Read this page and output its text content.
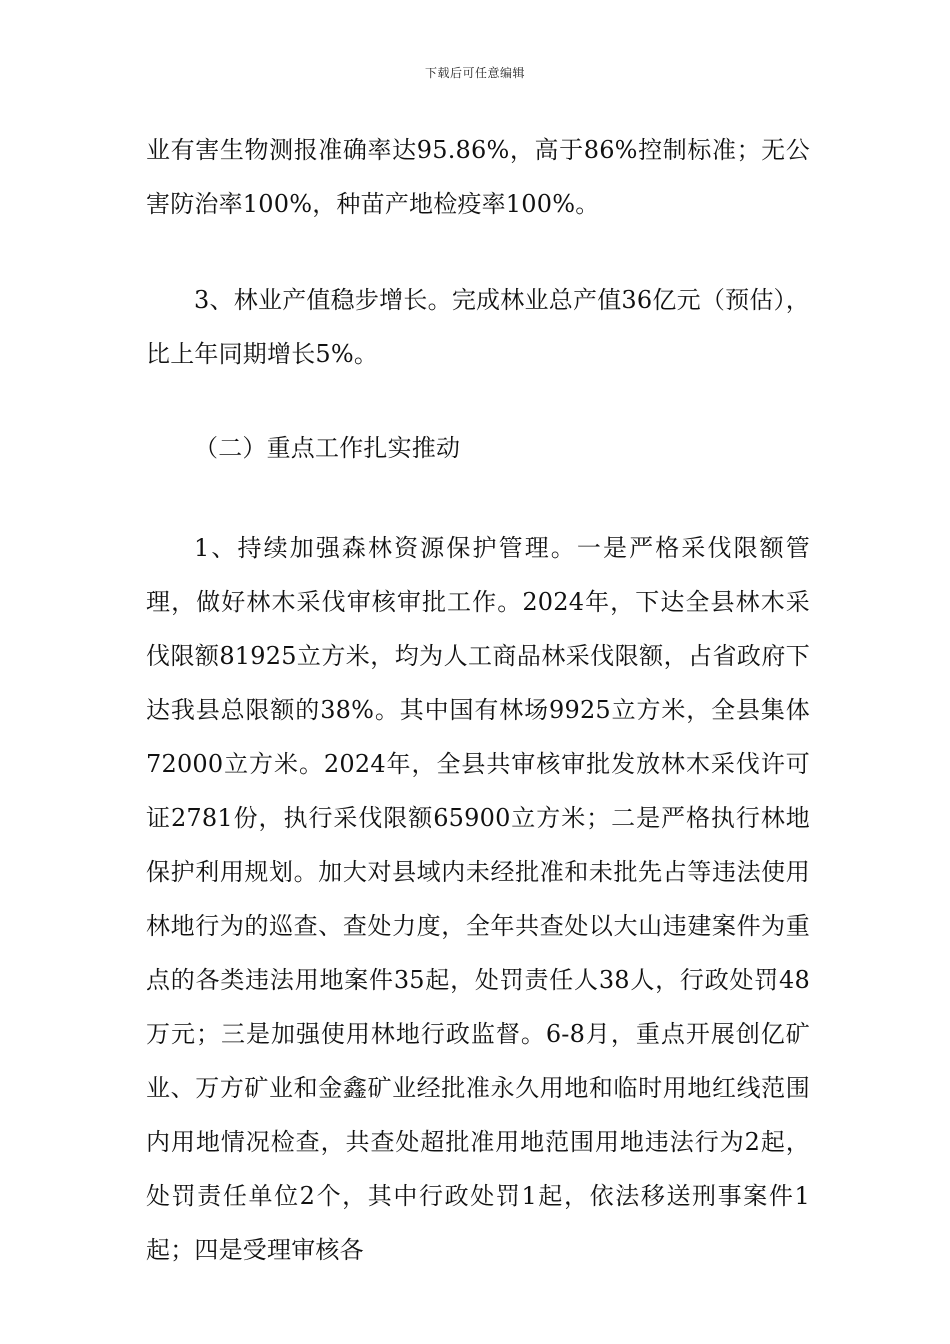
下载后可任意编辑

业有害生物测报准确率达95.86%，高于86%控制标准；无公害防治率100%，种苗产地检疫率100%。

3、林业产值稳步增长。完成林业总产值36亿元（预估），比上年同期增长5%。

（二）重点工作扎实推动

1、持续加强森林资源保护管理。一是严格采伐限额管理，做好林木采伐审核审批工作。2024年，下达全县林木采伐限额81925立方米，均为人工商品林采伐限额，占省政府下达我县总限额的38%。其中国有林场9925立方米，全县集体72000立方米。2024年，全县共审核审批发放林木采伐许可证2781份，执行采伐限额65900立方米；二是严格执行林地保护利用规划。加大对县域内未经批准和未批先占等违法使用林地行为的巡查、查处力度，全年共查处以大山违建案件为重点的各类违法用地案件35起，处罚责任人38人，行政处罚48万元；三是加强使用林地行政监督。6-8月，重点开展创亿矿业、万方矿业和金鑫矿业经批准永久用地和临时用地红线范围内用地情况检查，共查处超批准用地范围用地违法行为2起，处罚责任单位2个，其中行政处罚1起，依法移送刑事案件1起；四是受理审核各
